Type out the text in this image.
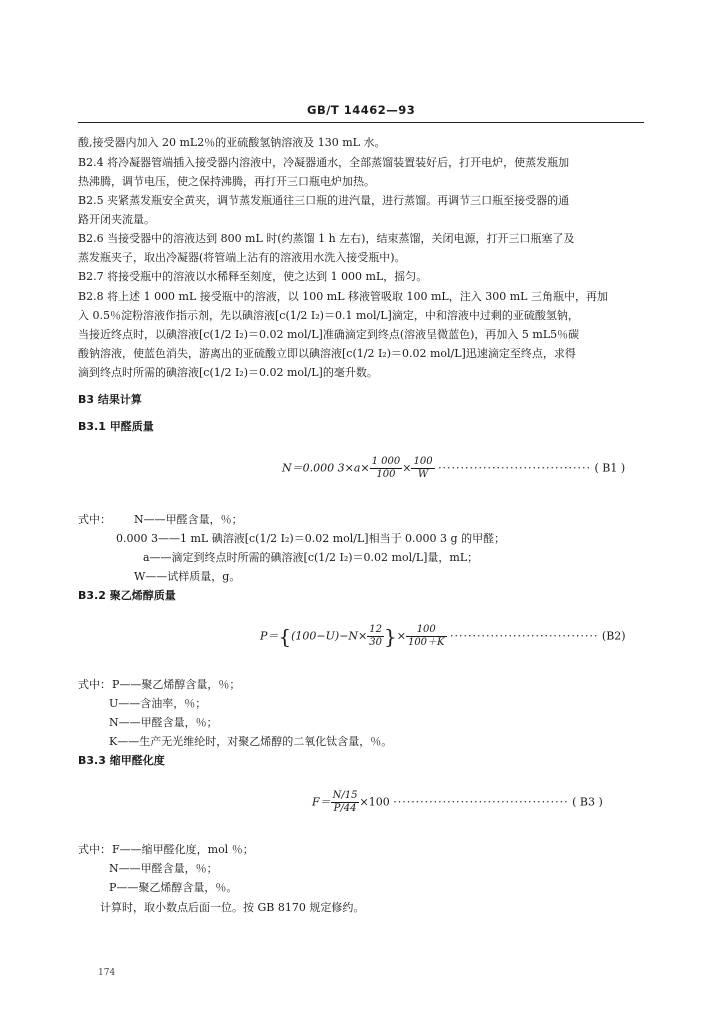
GB/T 14462—93
酸,接受器内加入 20 mL2％的亚硫酸氢钠溶液及 130 mL 水。
B2.4 将冷凝器管端插入接受器内溶液中，冷凝器通水，全部蒸馏装置装好后，打开电炉，使蒸发瓶加
热沸腾，调节电压，使之保持沸腾，再打开三口瓶电炉加热。
B2.5 夹紧蒸发瓶安全黄夹，调节蒸发瓶通往三口瓶的进汽量，进行蒸馏。再调节三口瓶至接受器的通
路开闭夹流量。
B2.6 当接受器中的溶液达到 800 mL 时(约蒸馏 1 h 左右)，结束蒸馏，关闭电源，打开三口瓶塞了及
蒸发瓶夹子，取出冷凝器(将管端上沾有的溶液用水洗入接受瓶中)。
B2.7 将接受瓶中的溶液以水稀释至刻度，使之达到 1 000 mL，摇匀。
B2.8 将上述 1 000 mL 接受瓶中的溶液，以 100 mL 移液管吸取 100 mL，注入 300 mL 三角瓶中，再加
入 0.5％淀粉溶液作指示剂，先以碘溶液[c(1/2 I₂)＝0.1 mol/L]滴定，中和溶液中过剩的亚硫酸氢钠，
当接近终点时，以碘溶液[c(1/2 I₂)＝0.02 mol/L]准确滴定到终点(溶液呈微蓝色)，再加入 5 mL5％碳
酸钠溶液，使蓝色消失，游离出的亚硫酸立即以碘溶液[c(1/2 I₂)＝0.02 mol/L]迅速滴定至终点，求得
滴到终点时所需的碘溶液[c(1/2 I₂)＝0.02 mol/L]的毫升数。
B3 结果计算
B3.1 甲醛质量
N＝0.000 $3\times a\times \frac{1 000}{100} \times \frac{100}{W}$ ·································· ( B1 )
式中： N——甲醛含量，％；
0.000 3——1 mL 碘溶液[c(1/2 I₂)＝0.02 mol/L]相当于 0.000 3 g 的甲醛；
a——滴定到终点时所需的碘溶液[c(1/2 I₂)＝0.02 mol/L]量，mL；
W——试样质量，g。
B3.2 聚乙烯醇质量
$P=\{(100-U)-N\times \frac{12}{30}$ }× $\frac{100}{100+K}$ ································· (B2)
式中： P——聚乙烯醇含量，％；
U——含油率，％；
N——甲醛含量，％；
K——生产无光维纶时，对聚乙烯醇的二氧化钛含量，％。
B3.3 缩甲醛化度
$F= \frac{N/15}{P/44} \times 100$ ······································· ( B3 )
式中： F——缩甲醛化度，mol ％；
N——甲醛含量，％；
P——聚乙烯醇含量，％。
计算时，取小数点后面一位。按 GB 8170 规定修约。
174
